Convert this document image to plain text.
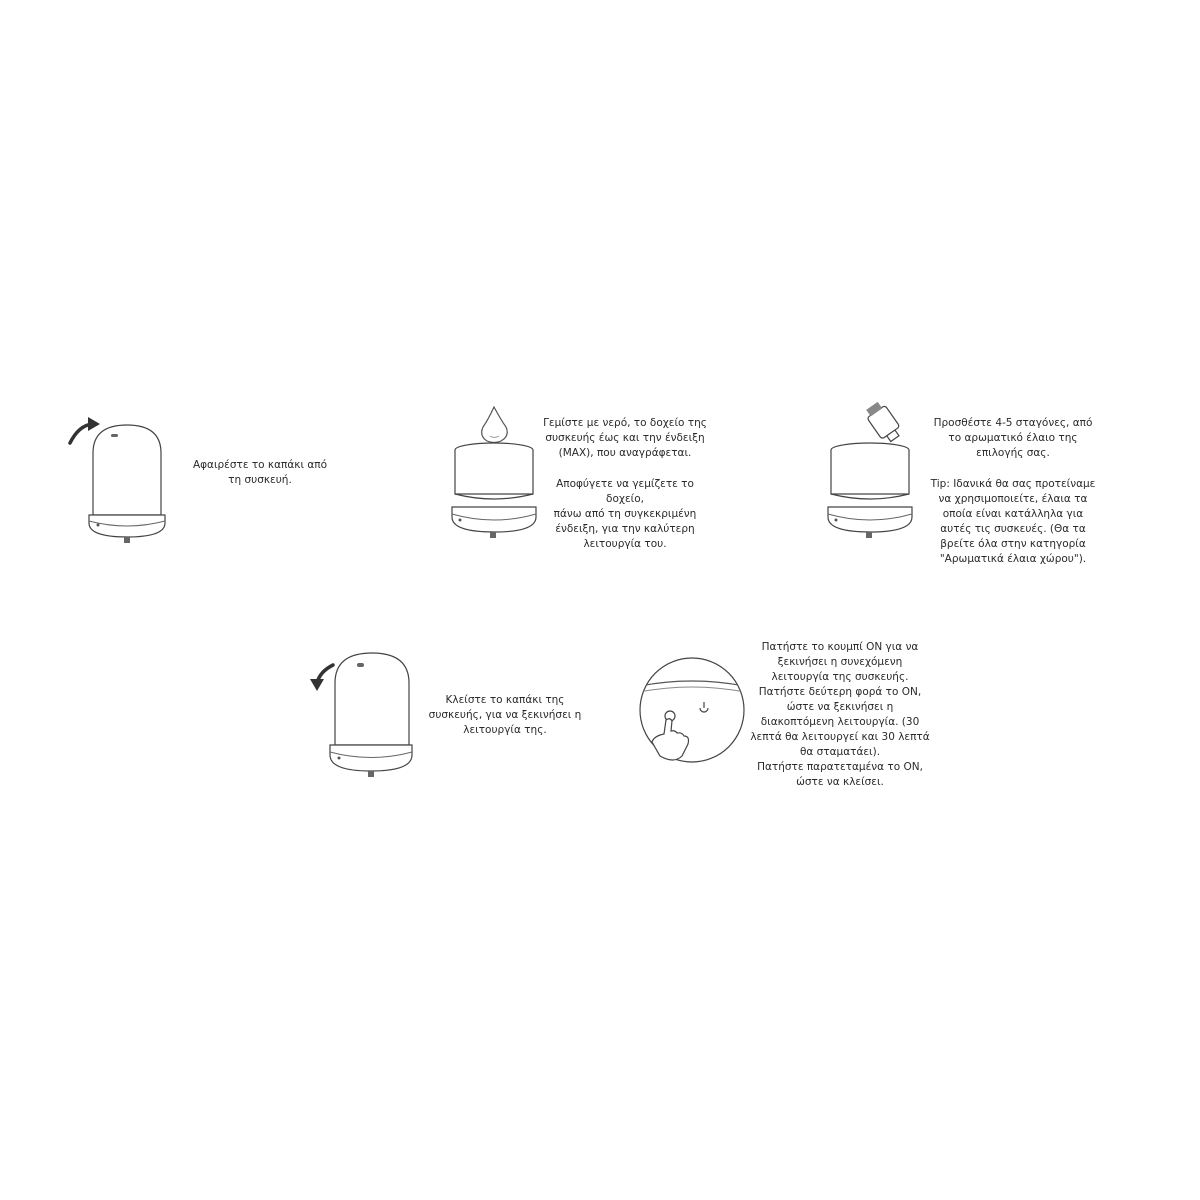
Αφαιρέστε το καπάκι από

τη συσκευή.

Γεμίστε με νερό, το δοχείο της

συσκευής έως και την ένδειξη

(MAX), που αναγράφεται.

Αποφύγετε να γεμίζετε το δοχείο,

πάνω από τη συγκεκριμένη

ένδειξη, για την καλύτερη

λειτουργία του.

Προσθέστε 4-5 σταγόνες, από

το αρωματικό έλαιο της

επιλογής σας.

Tip: Ιδανικά θα σας προτείναμε

να χρησιμοποιείτε, έλαια τα

οποία είναι κατάλληλα για

αυτές τις συσκευές. (Θα τα

βρείτε όλα στην κατηγορία

"Αρωματικά έλαια χώρου").

Κλείστε το καπάκι της

συσκευής, για να ξεκινήσει η

λειτουργία της.

Πατήστε το κουμπί ON για να

ξεκινήσει η συνεχόμενη

λειτουργία της συσκευής.

Πατήστε δεύτερη φορά το ON,

ώστε να ξεκινήσει η

διακοπτόμενη λειτουργία. (30

λεπτά θα λειτουργεί και 30 λεπτά

θα σταματάει).

Πατήστε παρατεταμένα το ON,

ώστε να κλείσει.
